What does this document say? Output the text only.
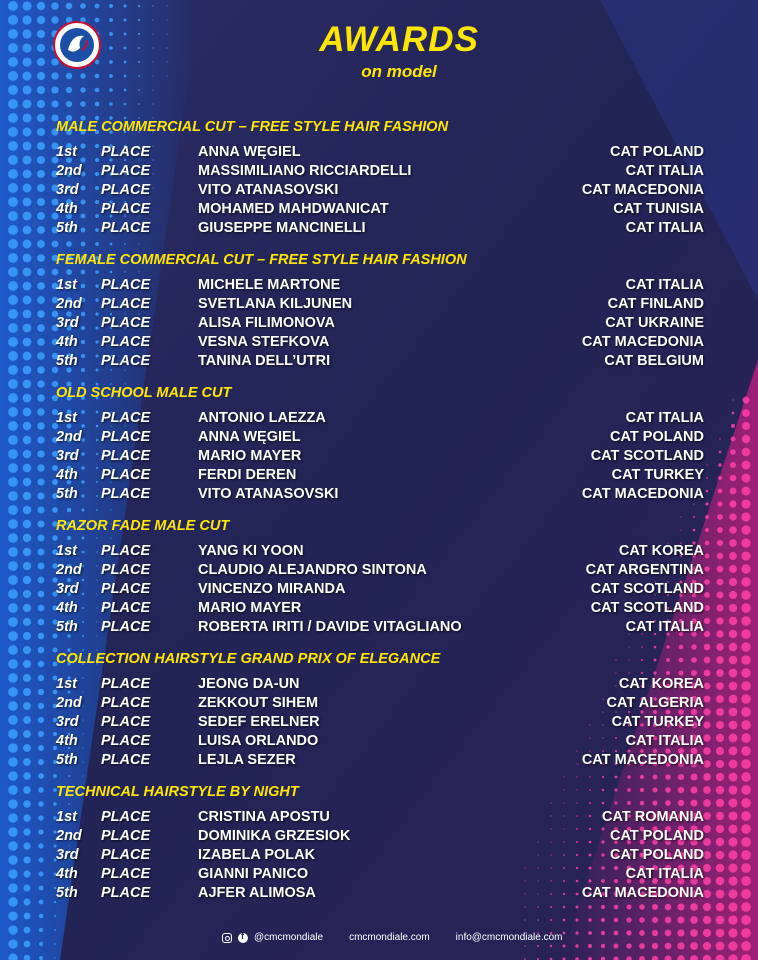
AWARDS
on model
MALE COMMERCIAL CUT – FREE STYLE HAIR FASHION
1st PLACE	ANNA WĘGIEL	CAT POLAND
2nd PLACE	MASSIMILIANO RICCIARDELLI	CAT ITALIA
3rd PLACE	VITO ATANASOVSKI	CAT MACEDONIA
4th PLACE	MOHAMED MAHDWANICAT	CAT TUNISIA
5th PLACE	GIUSEPPE MANCINELLI	CAT ITALIA
FEMALE COMMERCIAL CUT – FREE STYLE HAIR FASHION
1st PLACE	MICHELE MARTONE	CAT ITALIA
2nd PLACE	SVETLANA KILJUNEN	CAT FINLAND
3rd PLACE	ALISA FILIMONOVA	CAT UKRAINE
4th PLACE	VESNA STEFKOVA	CAT MACEDONIA
5th PLACE	TANINA DELL’UTRI	CAT BELGIUM
OLD SCHOOL MALE CUT
1st PLACE	ANTONIO LAEZZA	CAT ITALIA
2nd PLACE	ANNA WĘGIEL	CAT POLAND
3rd PLACE	MARIO MAYER	CAT SCOTLAND
4th PLACE	FERDI DEREN	CAT TURKEY
5th PLACE	VITO ATANASOVSKI	CAT MACEDONIA
RAZOR FADE MALE CUT
1st PLACE	YANG KI YOON	CAT KOREA
2nd PLACE	CLAUDIO ALEJANDRO SINTONA	CAT ARGENTINA
3rd PLACE	VINCENZO MIRANDA	CAT SCOTLAND
4th PLACE	MARIO MAYER	CAT SCOTLAND
5th PLACE	ROBERTA IRITI / DAVIDE VITAGLIANO	CAT ITALIA
COLLECTION HAIRSTYLE GRAND PRIX OF ELEGANCE
1st PLACE	JEONG DA-UN	CAT KOREA
2nd PLACE	ZEKKOUT SIHEM	CAT ALGERIA
3rd PLACE	SEDEF ERELNER	CAT TURKEY
4th PLACE	LUISA ORLANDO	CAT ITALIA
5th PLACE	LEJLA SEZER	CAT MACEDONIA
TECHNICAL HAIRSTYLE BY NIGHT
1st PLACE	CRISTINA APOSTU	CAT ROMANIA
2nd PLACE	DOMINIKA GRZESIOK	CAT POLAND
3rd PLACE	IZABELA POLAK	CAT POLAND
4th PLACE	GIANNI PANICO	CAT ITALIA
5th PLACE	AJFER ALIMOSA	CAT MACEDONIA
f
@cmcmondiale	cmcmondiale.com	info@cmcmondiale.com
